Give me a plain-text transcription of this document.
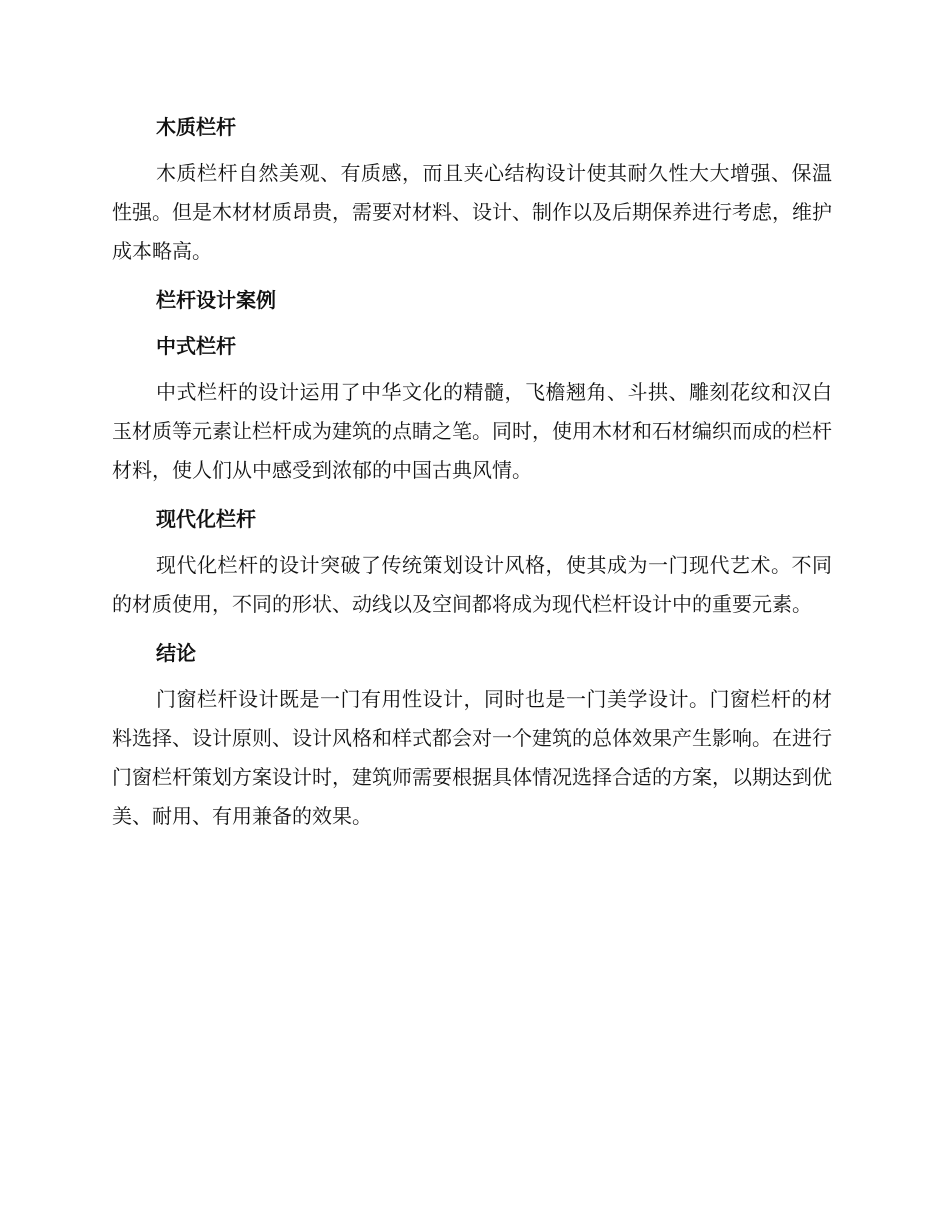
木质栏杆

木质栏杆自然美观、有质感，而且夹心结构设计使其耐久性大大增强、保温性强。但是木材材质昂贵，需要对材料、设计、制作以及后期保养进行考虑，维护成本略高。

栏杆设计案例
中式栏杆

中式栏杆的设计运用了中华文化的精髓，飞檐翘角、斗拱、雕刻花纹和汉白玉材质等元素让栏杆成为建筑的点睛之笔。同时，使用木材和石材编织而成的栏杆材料，使人们从中感受到浓郁的中国古典风情。

现代化栏杆

现代化栏杆的设计突破了传统策划设计风格，使其成为一门现代艺术。不同的材质使用，不同的形状、动线以及空间都将成为现代栏杆设计中的重要元素。

结论

门窗栏杆设计既是一门有用性设计，同时也是一门美学设计。门窗栏杆的材料选择、设计原则、设计风格和样式都会对一个建筑的总体效果产生影响。在进行门窗栏杆策划方案设计时，建筑师需要根据具体情况选择合适的方案，以期达到优美、耐用、有用兼备的效果。
